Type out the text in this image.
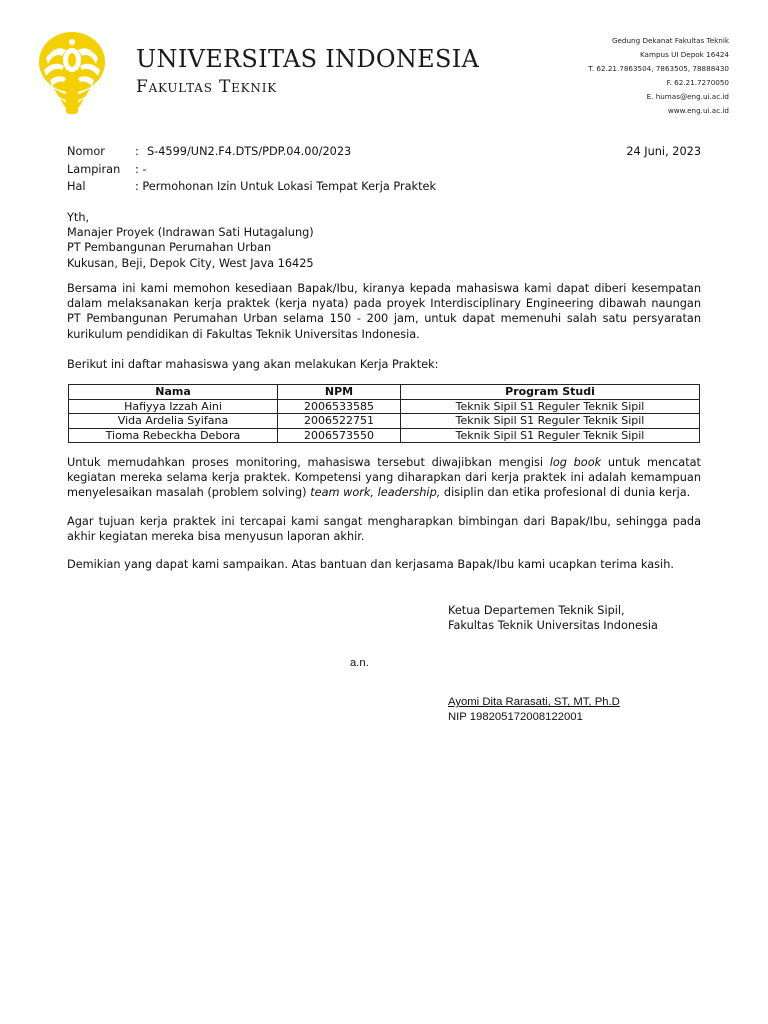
UNIVERSITAS INDONESIA
Fakultas Teknik
Gedung Dekanat Fakultas Teknik
Kampus UI Depok 16424
T. 62.21.7863504, 7863505, 78888430
F. 62.21.7270050
E. humas@eng.ui.ac.id
www.eng.ui.ac.id
Nomor	: S-4599/UN2.F4.DTS/PDP.04.00/2023	24 Juni, 2023
Lampiran : -
Hal	: Permohonan Izin Untuk Lokasi Tempat Kerja Praktek
Yth,
Manajer Proyek (Indrawan Sati Hutagalung)
PT Pembangunan Perumahan Urban
Kukusan, Beji, Depok City, West Java 16425
Bersama ini kami memohon kesediaan Bapak/Ibu, kiranya kepada mahasiswa kami dapat diberi kesempatan dalam melaksanakan kerja praktek (kerja nyata) pada proyek Interdisciplinary Engineering dibawah naungan PT Pembangunan Perumahan Urban selama 150 - 200 jam, untuk dapat memenuhi salah satu persyaratan kurikulum pendidikan di Fakultas Teknik Universitas Indonesia.
Berikut ini daftar mahasiswa yang akan melakukan Kerja Praktek:
Nama	NPM	Program Studi
Hafiyya Izzah Aini	2006533585	Teknik Sipil S1 Reguler Teknik Sipil
Vida Ardelia Syifana	2006522751	Teknik Sipil S1 Reguler Teknik Sipil
Tioma Rebeckha Debora	2006573550	Teknik Sipil S1 Reguler Teknik Sipil
Untuk memudahkan proses monitoring, mahasiswa tersebut diwajibkan mengisi log book untuk mencatat kegiatan mereka selama kerja praktek. Kompetensi yang diharapkan dari kerja praktek ini adalah kemampuan menyelesaikan masalah (problem solving) team work, leadership, disiplin dan etika profesional di dunia kerja.
Agar tujuan kerja praktek ini tercapai kami sangat mengharapkan bimbingan dari Bapak/Ibu, sehingga pada akhir kegiatan mereka bisa menyusun laporan akhir.
Demikian yang dapat kami sampaikan. Atas bantuan dan kerjasama Bapak/Ibu kami ucapkan terima kasih.
Ketua Departemen Teknik Sipil,
Fakultas Teknik Universitas Indonesia
a.n.
Ayomi Dita Rarasati, ST, MT, Ph.D
NIP 198205172008122001
